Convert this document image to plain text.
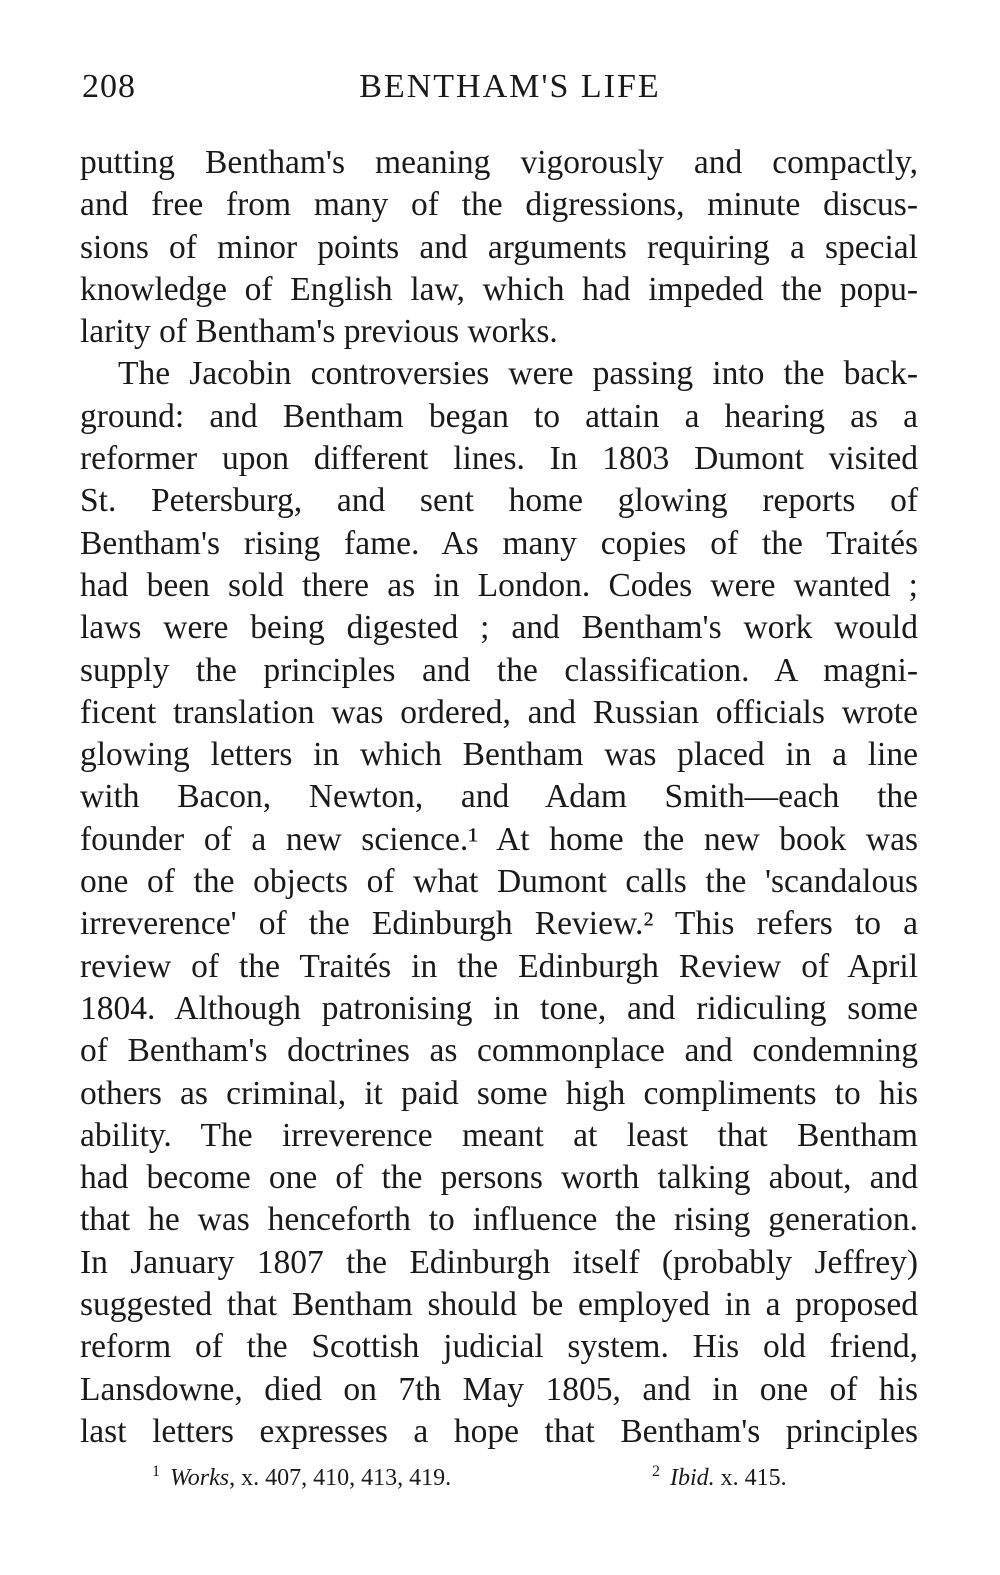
208	BENTHAM'S LIFE
putting Bentham's meaning vigorously and compactly,
and free from many of the digressions, minute discus-
sions of minor points and arguments requiring a special
knowledge of English law, which had impeded the popu-
larity of Bentham's previous works.
The Jacobin controversies were passing into the back-
ground: and Bentham began to attain a hearing as a
reformer upon different lines. In 1803 Dumont visited
St. Petersburg, and sent home glowing reports of
Bentham's rising fame. As many copies of the Traités
had been sold there as in London. Codes were wanted ;
laws were being digested ; and Bentham's work would
supply the principles and the classification. A magni-
ficent translation was ordered, and Russian officials wrote
glowing letters in which Bentham was placed in a line
with Bacon, Newton, and Adam Smith—each the
founder of a new science.¹ At home the new book was
one of the objects of what Dumont calls the 'scandalous
irreverence' of the Edinburgh Review.² This refers to a
review of the Traités in the Edinburgh Review of April
1804. Although patronising in tone, and ridiculing some
of Bentham's doctrines as commonplace and condemning
others as criminal, it paid some high compliments to his
ability. The irreverence meant at least that Bentham
had become one of the persons worth talking about, and
that he was henceforth to influence the rising generation.
In January 1807 the Edinburgh itself (probably Jeffrey)
suggested that Bentham should be employed in a proposed
reform of the Scottish judicial system. His old friend,
Lansdowne, died on 7th May 1805, and in one of his
last letters expresses a hope that Bentham's principles
$^1$ Works, x. 407, 410, 413, 419.	$^2$ Ibid. x. 415.
